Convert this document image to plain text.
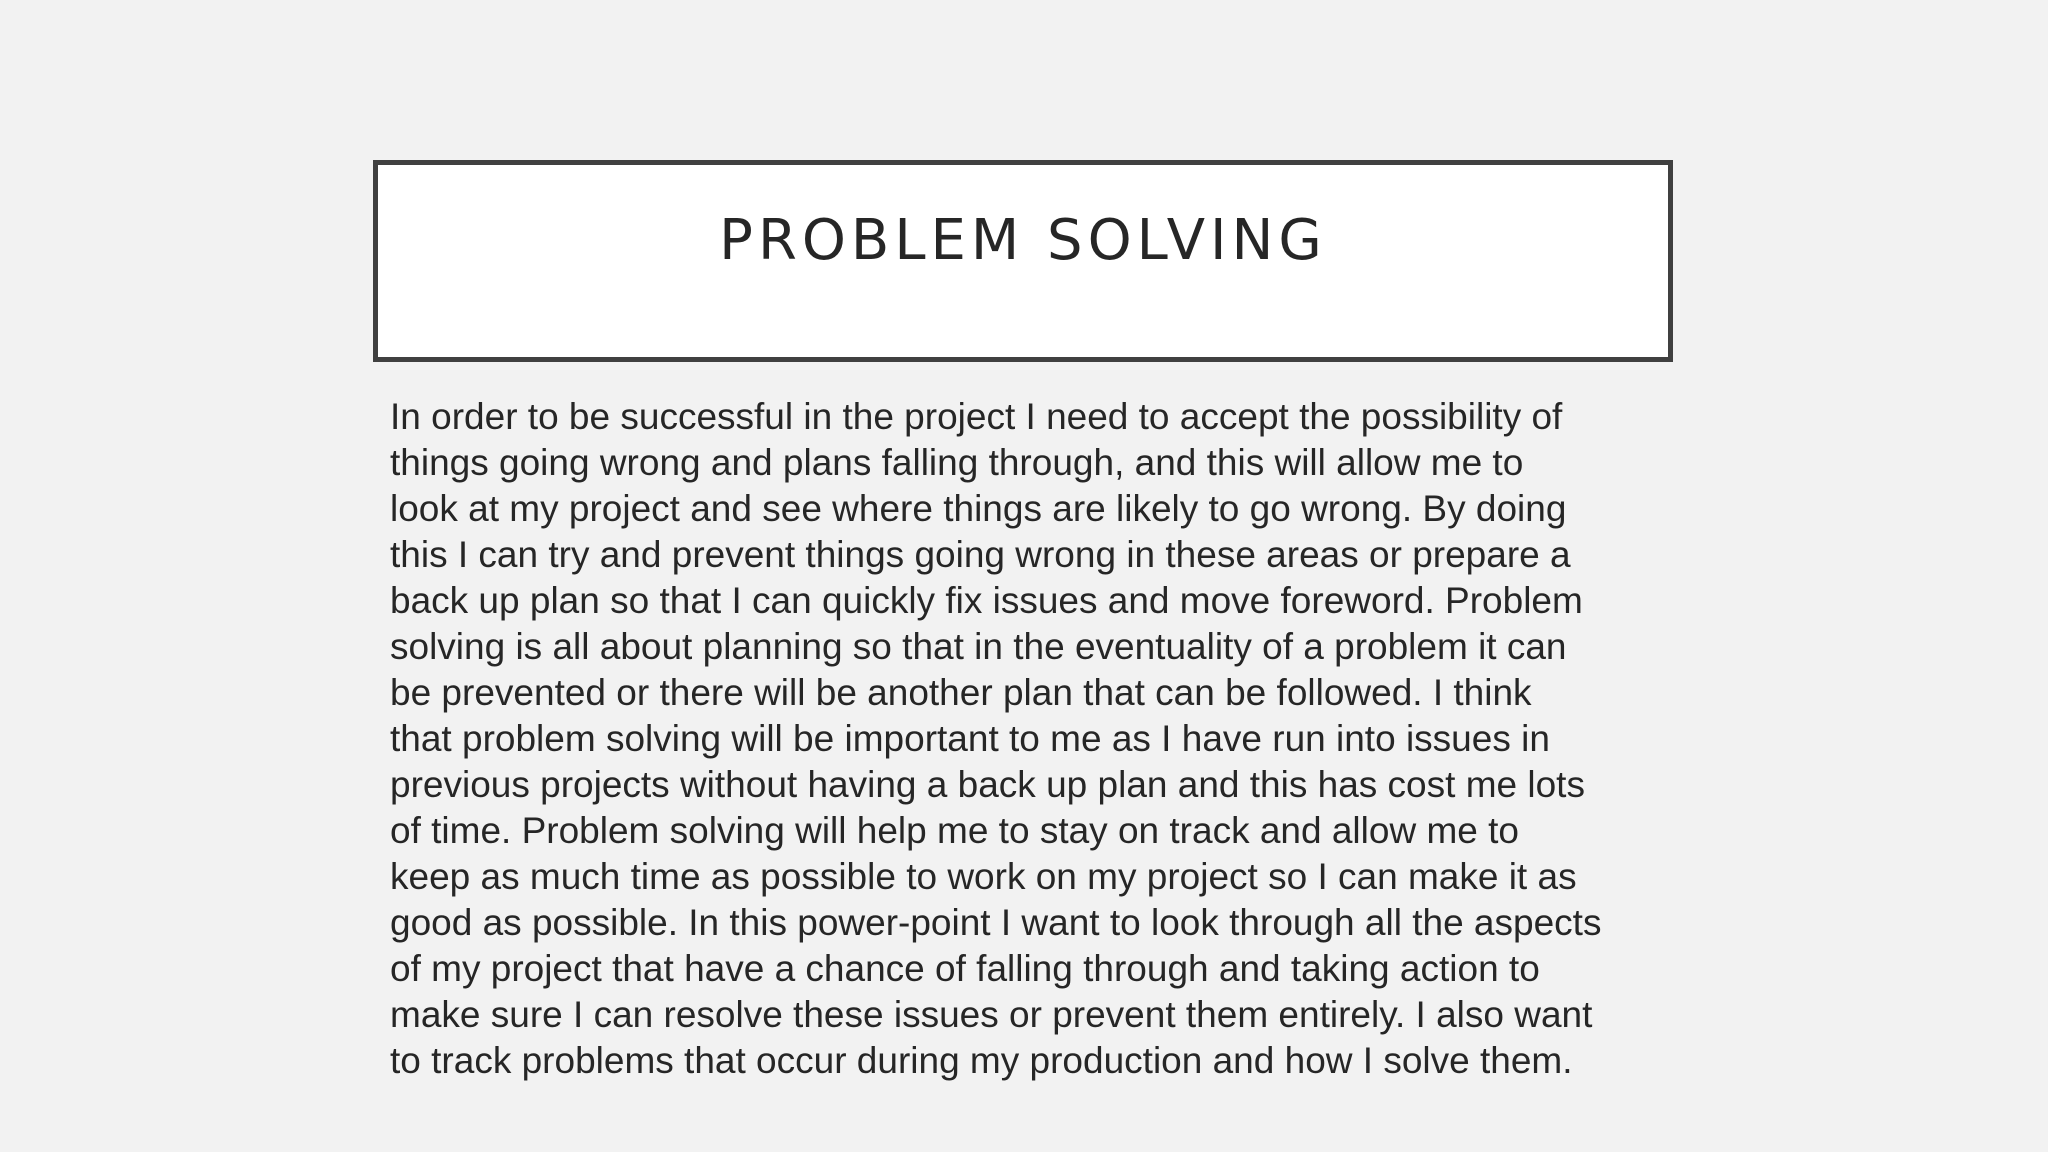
PROBLEM SOLVING

In order to be successful in the project I need to accept the possibility of
things going wrong and plans falling through, and this will allow me to
look at my project and see where things are likely to go wrong. By doing
this I can try and prevent things going wrong in these areas or prepare a
back up plan so that I can quickly fix issues and move foreword. Problem
solving is all about planning so that in the eventuality of a problem it can
be prevented or there will be another plan that can be followed. I think
that problem solving will be important to me as I have run into issues in
previous projects without having a back up plan and this has cost me lots
of time. Problem solving will help me to stay on track and allow me to
keep as much time as possible to work on my project so I can make it as
good as possible. In this power-point I want to look through all the aspects
of my project that have a chance of falling through and taking action to
make sure I can resolve these issues or prevent them entirely. I also want
to track problems that occur during my production and how I solve them.
